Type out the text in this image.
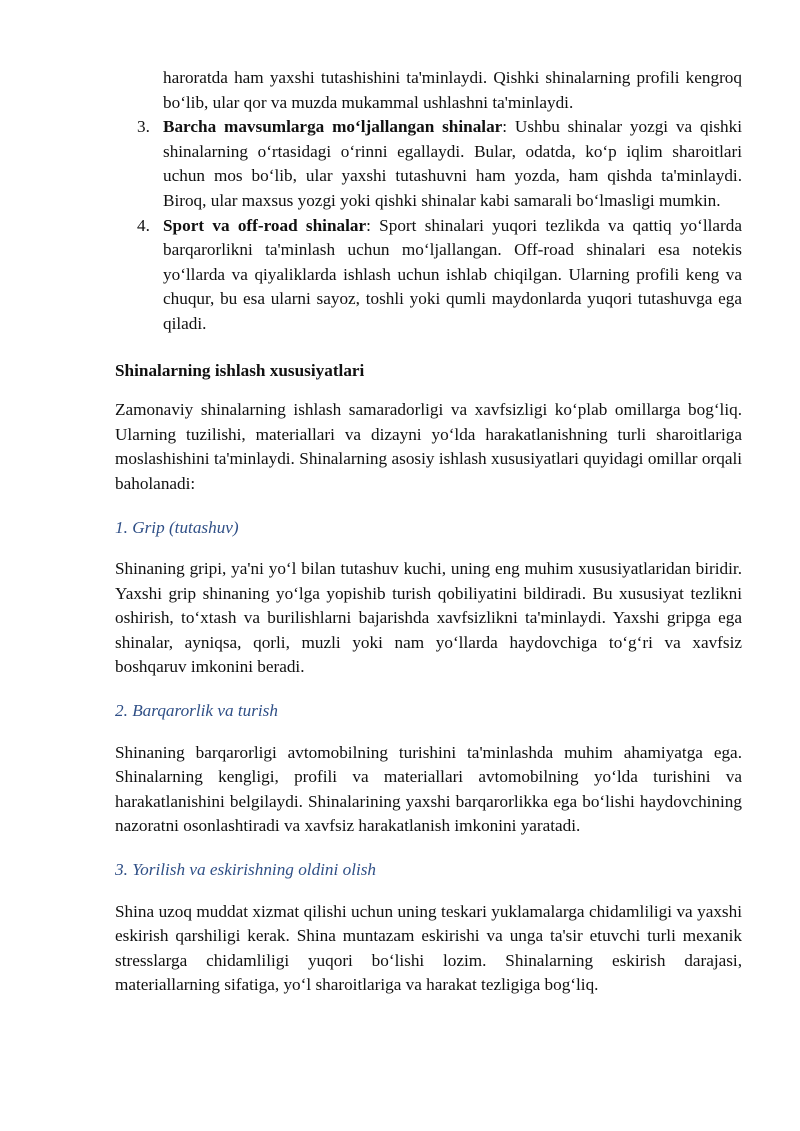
haroratda ham yaxshi tutashishini ta'minlaydi. Qishki shinalarning profili kengroq bo‘lib, ular qor va muzda mukammal ushlashni ta'minlaydi.
3. Barcha mavsumlarga mo‘ljallangan shinalar: Ushbu shinalar yozgi va qishki shinalarning o‘rtasidagi o‘rinni egallaydi. Bular, odatda, ko‘p iqlim sharoitlari uchun mos bo‘lib, ular yaxshi tutashuvni ham yozda, ham qishda ta'minlaydi. Biroq, ular maxsus yozgi yoki qishki shinalar kabi samarali bo‘lmasligi mumkin.
4. Sport va off-road shinalar: Sport shinalari yuqori tezlikda va qattiq yo‘llarda barqarorlikni ta'minlash uchun mo‘ljallangan. Off-road shinalari esa notekis yo‘llarda va qiyaliklarda ishlash uchun ishlab chiqilgan. Ularning profili keng va chuqur, bu esa ularni sayoz, toshli yoki qumli maydonlarda yuqori tutashuvga ega qiladi.
Shinalarning ishlash xususiyatlari
Zamonaviy shinalarning ishlash samaradorligi va xavfsizligi ko‘plab omillarga bog‘liq. Ularning tuzilishi, materiallari va dizayni yo‘lda harakatlanishning turli sharoitlariga moslashishini ta'minlaydi. Shinalarning asosiy ishlash xususiyatlari quyidagi omillar orqali baholanadi:
1. Grip (tutashuv)
Shinaning gripi, ya'ni yo‘l bilan tutashuv kuchi, uning eng muhim xususiyatlaridan biridir. Yaxshi grip shinaning yo‘lga yopishib turish qobiliyatini bildiradi. Bu xususiyat tezlikni oshirish, to‘xtash va burilishlarni bajarishda xavfsizlikni ta'minlaydi. Yaxshi gripga ega shinalar, ayniqsa, qorli, muzli yoki nam yo‘llarda haydovchiga to‘g‘ri va xavfsiz boshqaruv imkonini beradi.
2. Barqarorlik va turish
Shinaning barqarorligi avtomobilning turishini ta'minlashda muhim ahamiyatga ega. Shinalarning kengligi, profili va materiallari avtomobilning yo‘lda turishini va harakatlanishini belgilaydi. Shinalarining yaxshi barqarorlikka ega bo‘lishi haydovchining nazoratni osonlashtiradi va xavfsiz harakatlanish imkonini yaratadi.
3. Yorilish va eskirishning oldini olish
Shina uzoq muddat xizmat qilishi uchun uning teskari yuklamalarga chidamliligi va yaxshi eskirish qarshiligi kerak. Shina muntazam eskirishi va unga ta'sir etuvchi turli mexanik stresslarga chidamliligi yuqori bo‘lishi lozim. Shinalarning eskirish darajasi, materiallarning sifatiga, yo‘l sharoitlariga va harakat tezligiga bog‘liq.
